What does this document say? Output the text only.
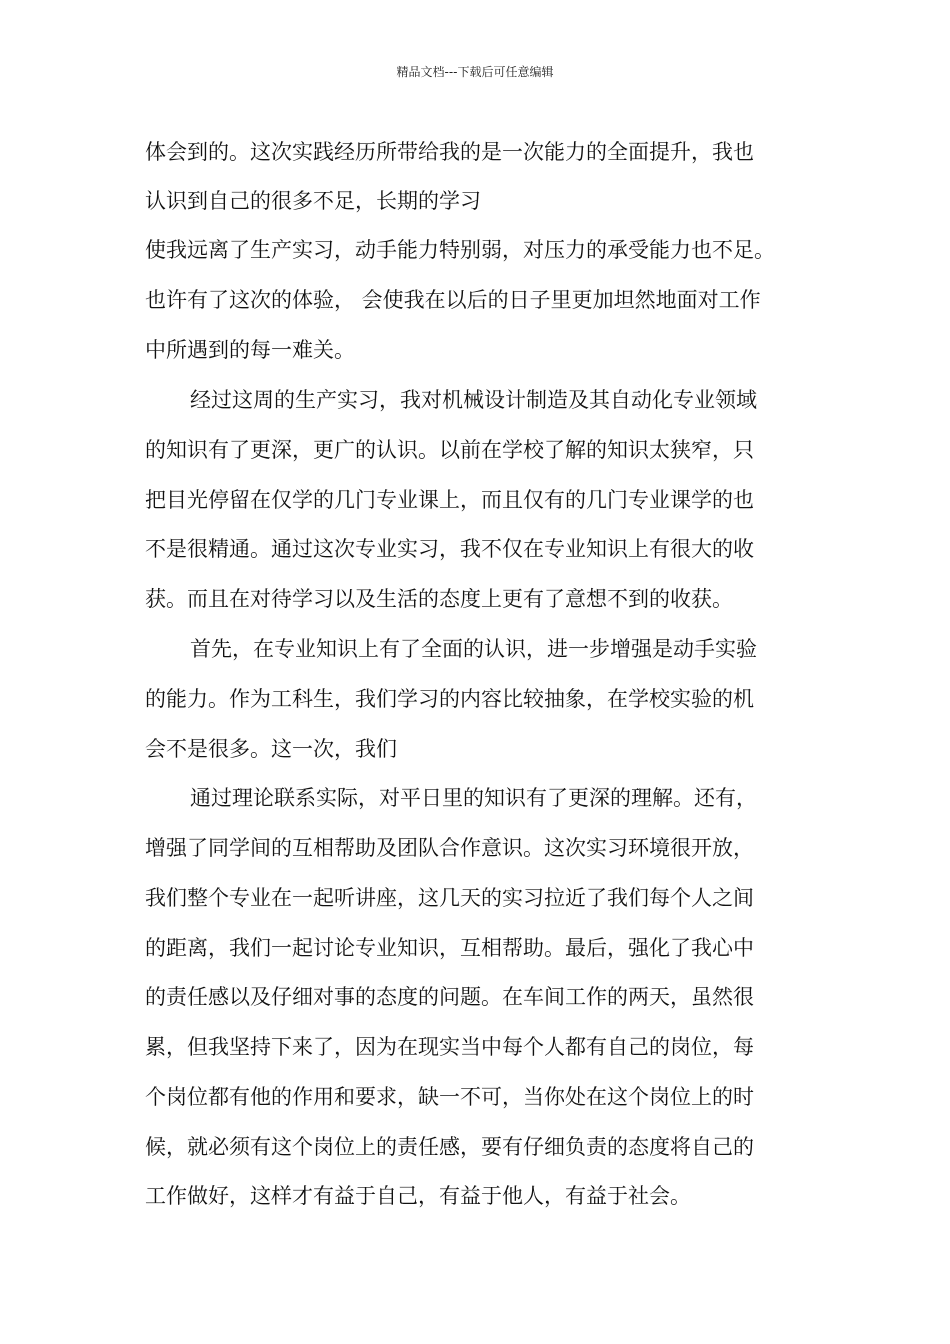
精品文档---下载后可任意编辑
体会到的。这次实践经历所带给我的是一次能力的全面提升，我也
认识到自己的很多不足，长期的学习
使我远离了生产实习，动手能力特别弱，对压力的承受能力也不足。
也许有了这次的体验， 会使我在以后的日子里更加坦然地面对工作
中所遇到的每一难关。
经过这周的生产实习，我对机械设计制造及其自动化专业领域
的知识有了更深，更广的认识。以前在学校了解的知识太狭窄，只
把目光停留在仅学的几门专业课上，而且仅有的几门专业课学的也
不是很精通。通过这次专业实习，我不仅在专业知识上有很大的收
获。而且在对待学习以及生活的态度上更有了意想不到的收获。
首先，在专业知识上有了全面的认识，进一步增强是动手实验
的能力。作为工科生，我们学习的内容比较抽象，在学校实验的机
会不是很多。这一次，我们
通过理论联系实际，对平日里的知识有了更深的理解。还有，
增强了同学间的互相帮助及团队合作意识。这次实习环境很开放，
我们整个专业在一起听讲座，这几天的实习拉近了我们每个人之间
的距离，我们一起讨论专业知识，互相帮助。最后，强化了我心中
的责任感以及仔细对事的态度的问题。在车间工作的两天，虽然很
累，但我坚持下来了，因为在现实当中每个人都有自己的岗位，每
个岗位都有他的作用和要求，缺一不可，当你处在这个岗位上的时
候，就必须有这个岗位上的责任感，要有仔细负责的态度将自己的
工作做好，这样才有益于自己，有益于他人，有益于社会。
